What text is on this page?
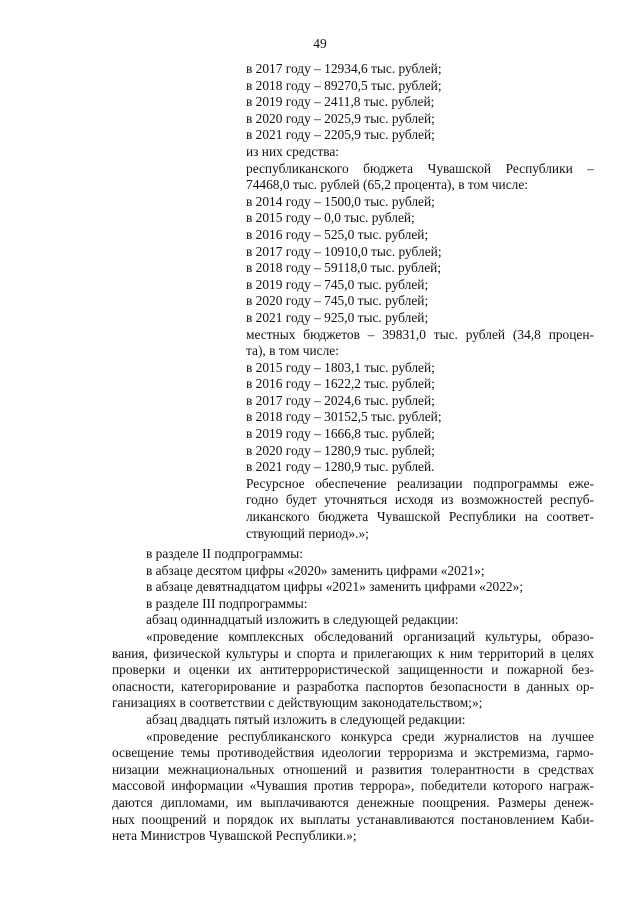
49
в 2017 году – 12934,6 тыс. рублей;
в 2018 году – 89270,5 тыс. рублей;
в 2019 году – 2411,8 тыс. рублей;
в 2020 году – 2025,9 тыс. рублей;
в 2021 году – 2205,9 тыс. рублей;
из них средства:
республиканского бюджета Чувашской Республики –
74468,0 тыс. рублей (65,2 процента), в том числе:
в 2014 году – 1500,0 тыс. рублей;
в 2015 году – 0,0 тыс. рублей;
в 2016 году – 525,0 тыс. рублей;
в 2017 году – 10910,0 тыс. рублей;
в 2018 году – 59118,0 тыс. рублей;
в 2019 году – 745,0 тыс. рублей;
в 2020 году – 745,0 тыс. рублей;
в 2021 году – 925,0 тыс. рублей;
местных бюджетов – 39831,0 тыс. рублей (34,8 процен-
та), в том числе:
в 2015 году – 1803,1 тыс. рублей;
в 2016 году – 1622,2 тыс. рублей;
в 2017 году – 2024,6 тыс. рублей;
в 2018 году – 30152,5 тыс. рублей;
в 2019 году – 1666,8 тыс. рублей;
в 2020 году – 1280,9 тыс. рублей;
в 2021 году – 1280,9 тыс. рублей.
Ресурсное обеспечение реализации подпрограммы еже-
годно будет уточняться исходя из возможностей респуб-
ликанского бюджета Чувашской Республики на соответ-
ствующий период».»;
в разделе II подпрограммы:
в абзаце десятом цифры «2020» заменить цифрами «2021»;
в абзаце девятнадцатом цифры «2021» заменить цифрами «2022»;
в разделе III подпрограммы:
абзац одиннадцатый изложить в следующей редакции:
«проведение комплексных обследований организаций культуры, образо-
вания, физической культуры и спорта и прилегающих к ним территорий в целях
проверки и оценки их антитеррористической защищенности и пожарной без-
опасности, категорирование и разработка паспортов безопасности в данных ор-
ганизациях в соответствии с действующим законодательством;»;
абзац двадцать пятый изложить в следующей редакции:
«проведение республиканского конкурса среди журналистов на лучшее
освещение темы противодействия идеологии терроризма и экстремизма, гармо-
низации межнациональных отношений и развития толерантности в средствах
массовой информации «Чувашия против террора», победители которого награж-
даются дипломами, им выплачиваются денежные поощрения. Размеры денеж-
ных поощрений и порядок их выплаты устанавливаются постановлением Каби-
нета Министров Чувашской Республики.»;
